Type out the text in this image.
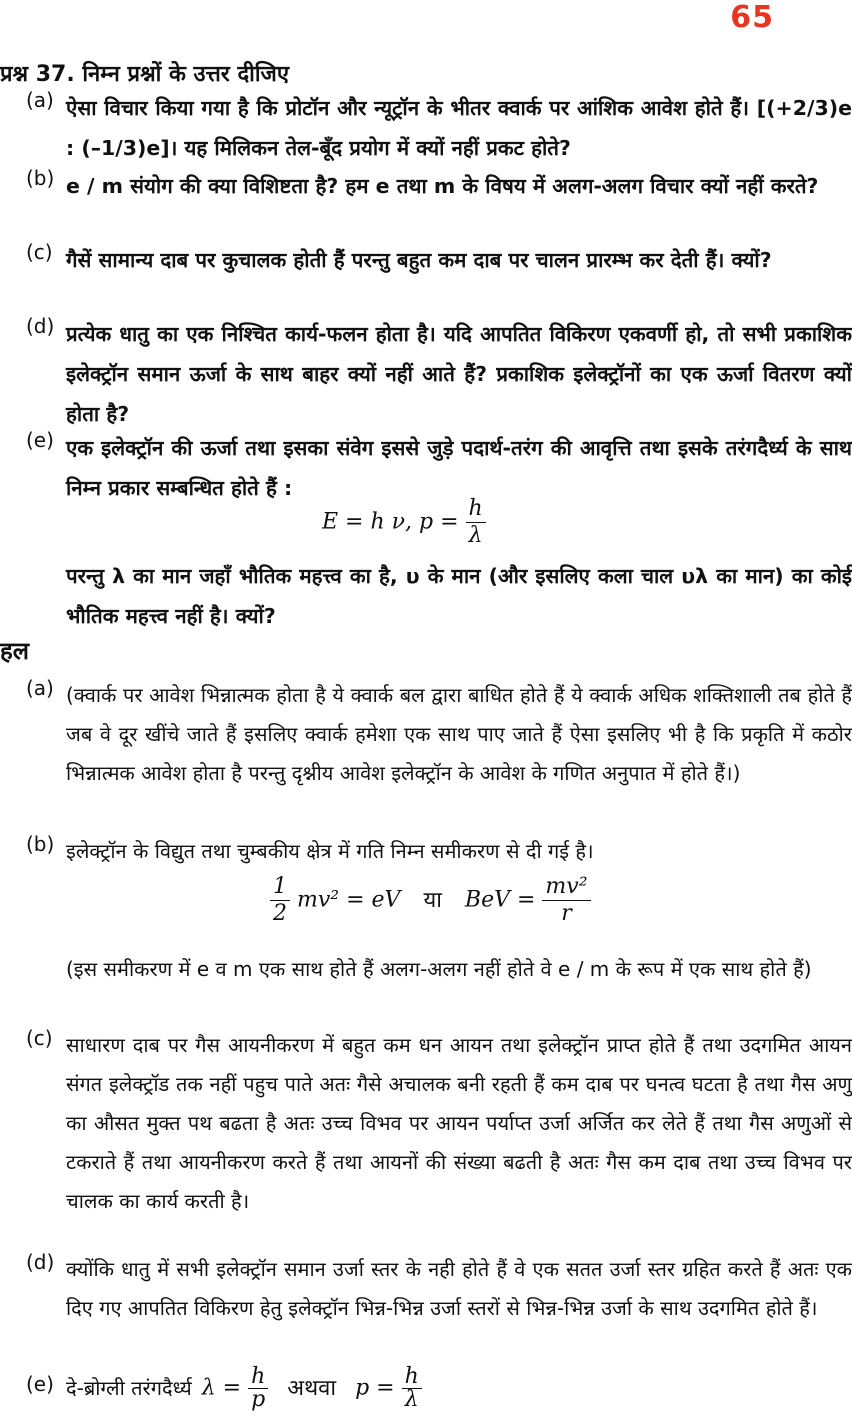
65
प्रश्न 37. निम्न प्रश्नों के उत्तर दीजिए
(a) ऐसा विचार किया गया है कि प्रोटॉन और न्यूट्रॉन के भीतर क्वार्क पर आंशिक आवेश होते हैं। [(+2/3)e : (–1/3)e]। यह मिलिकन तेल-बूँद प्रयोग में क्यों नहीं प्रकट होते?
(b) e / m संयोग की क्या विशिष्टता है? हम e तथा m के विषय में अलग-अलग विचार क्यों नहीं करते?
(c) गैसें सामान्य दाब पर कुचालक होती हैं परन्तु बहुत कम दाब पर चालन प्रारम्भ कर देती हैं। क्यों?
(d) प्रत्येक धातु का एक निश्चित कार्य-फलन होता है। यदि आपतित विकिरण एकवर्णी हो, तो सभी प्रकाशिक इलेक्ट्रॉन समान ऊर्जा के साथ बाहर क्यों नहीं आते हैं? प्रकाशिक इलेक्ट्रॉनों का एक ऊर्जा वितरण क्यों होता है?
(e) एक इलेक्ट्रॉन की ऊर्जा तथा इसका संवेग इससे जुड़े पदार्थ-तरंग की आवृत्ति तथा इसके तरंगदैर्ध्य के साथ निम्न प्रकार सम्बन्धित होते हैं :
E = h ν, $p = \frac{h}{\lambda}$
परन्तु λ का मान जहाँ भौतिक महत्त्व का है, υ के मान (और इसलिए कला चाल υλ का मान) का कोई भौतिक महत्त्व नहीं है। क्यों?
हल
(a) (क्वार्क पर आवेश भिन्नात्मक होता है ये क्वार्क बल द्वारा बाधित होते हैं ये क्वार्क अधिक शक्तिशाली तब होते हैं जब वे दूर खींचे जाते हैं इसलिए क्वार्क हमेशा एक साथ पाए जाते हैं ऐसा इसलिए भी है कि प्रकृति में कठोर भिन्नात्मक आवेश होता है परन्तु दृश्नीय आवेश इलेक्ट्रॉन के आवेश के गणित अनुपात में होते हैं।)
(b) इलेक्ट्रॉन के विद्युत तथा चुम्बकीय क्षेत्र में गति निम्न समीकरण से दी गई है।
$\frac{1}{2} mv^2$ = eV या BeV = $\frac{\text{mv²}}{r}$
(इस समीकरण में e व m एक साथ होते हैं अलग-अलग नहीं होते वे e / m के रूप में एक साथ होते हैं)
(c) साधारण दाब पर गैस आयनीकरण में बहुत कम धन आयन तथा इलेक्ट्रॉन प्राप्त होते हैं तथा उदगमित आयन संगत इलेक्ट्रॉड तक नहीं पहुच पाते अतः गैसे अचालक बनी रहती हैं कम दाब पर घनत्व घटता है तथा गैस अणु का औसत मुक्त पथ बढता है अतः उच्च विभव पर आयन पर्याप्त उर्जा अर्जित कर लेते हैं तथा गैस अणुओं से टकराते हैं तथा आयनीकरण करते हैं तथा आयनों की संख्या बढती है अतः गैस कम दाब तथा उच्च विभव पर चालक का कार्य करती है।
(d) क्योंकि धातु में सभी इलेक्ट्रॉन समान उर्जा स्तर के नही होते हैं वे एक सतत उर्जा स्तर ग्रहित करते हैं अतः एक दिए गए आपतित विकिरण हेतु इलेक्ट्रॉन भिन्न-भिन्न उर्जा स्तरों से भिन्न-भिन्न उर्जा के साथ उदगमित होते हैं।
(e) दे-ब्रोग्ली तरंगदैर्ध्य $\lambda = \frac{h}{p}$ अथवा $p = \frac{h}{\lambda}$
